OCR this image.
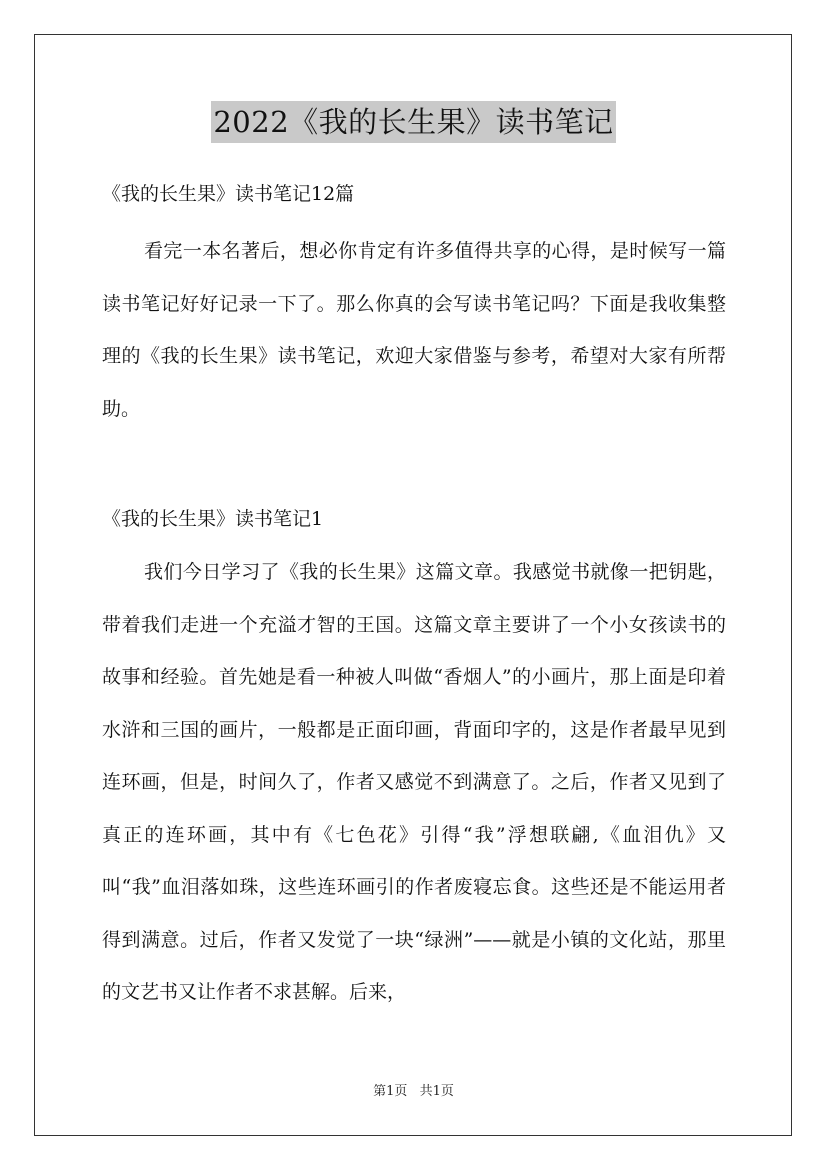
2022《我的长生果》读书笔记
《我的长生果》读书笔记12篇

看完一本名著后，想必你肯定有许多值得共享的心得，是时候写一篇读书笔记好好记录一下了。那么你真的会写读书笔记吗？下面是我收集整理的《我的长生果》读书笔记，欢迎大家借鉴与参考，希望对大家有所帮助。

《我的长生果》读书笔记1

我们今日学习了《我的长生果》这篇文章。我感觉书就像一把钥匙，带着我们走进一个充溢才智的王国。这篇文章主要讲了一个小女孩读书的故事和经验。首先她是看一种被人叫做“香烟人”的小画片，那上面是印着水浒和三国的画片，一般都是正面印画，背面印字的，这是作者最早见到连环画，但是，时间久了，作者又感觉不到满意了。之后，作者又见到了真正的连环画，其中有《七色花》引得“我”浮想联翩,《血泪仇》又叫“我”血泪落如珠，这些连环画引的作者废寝忘食。这些还是不能运用者得到满意。过后，作者又发觉了一块“绿洲”——就是小镇的文化站，那里的文艺书又让作者不求甚解。后来，

第1页 共1页
